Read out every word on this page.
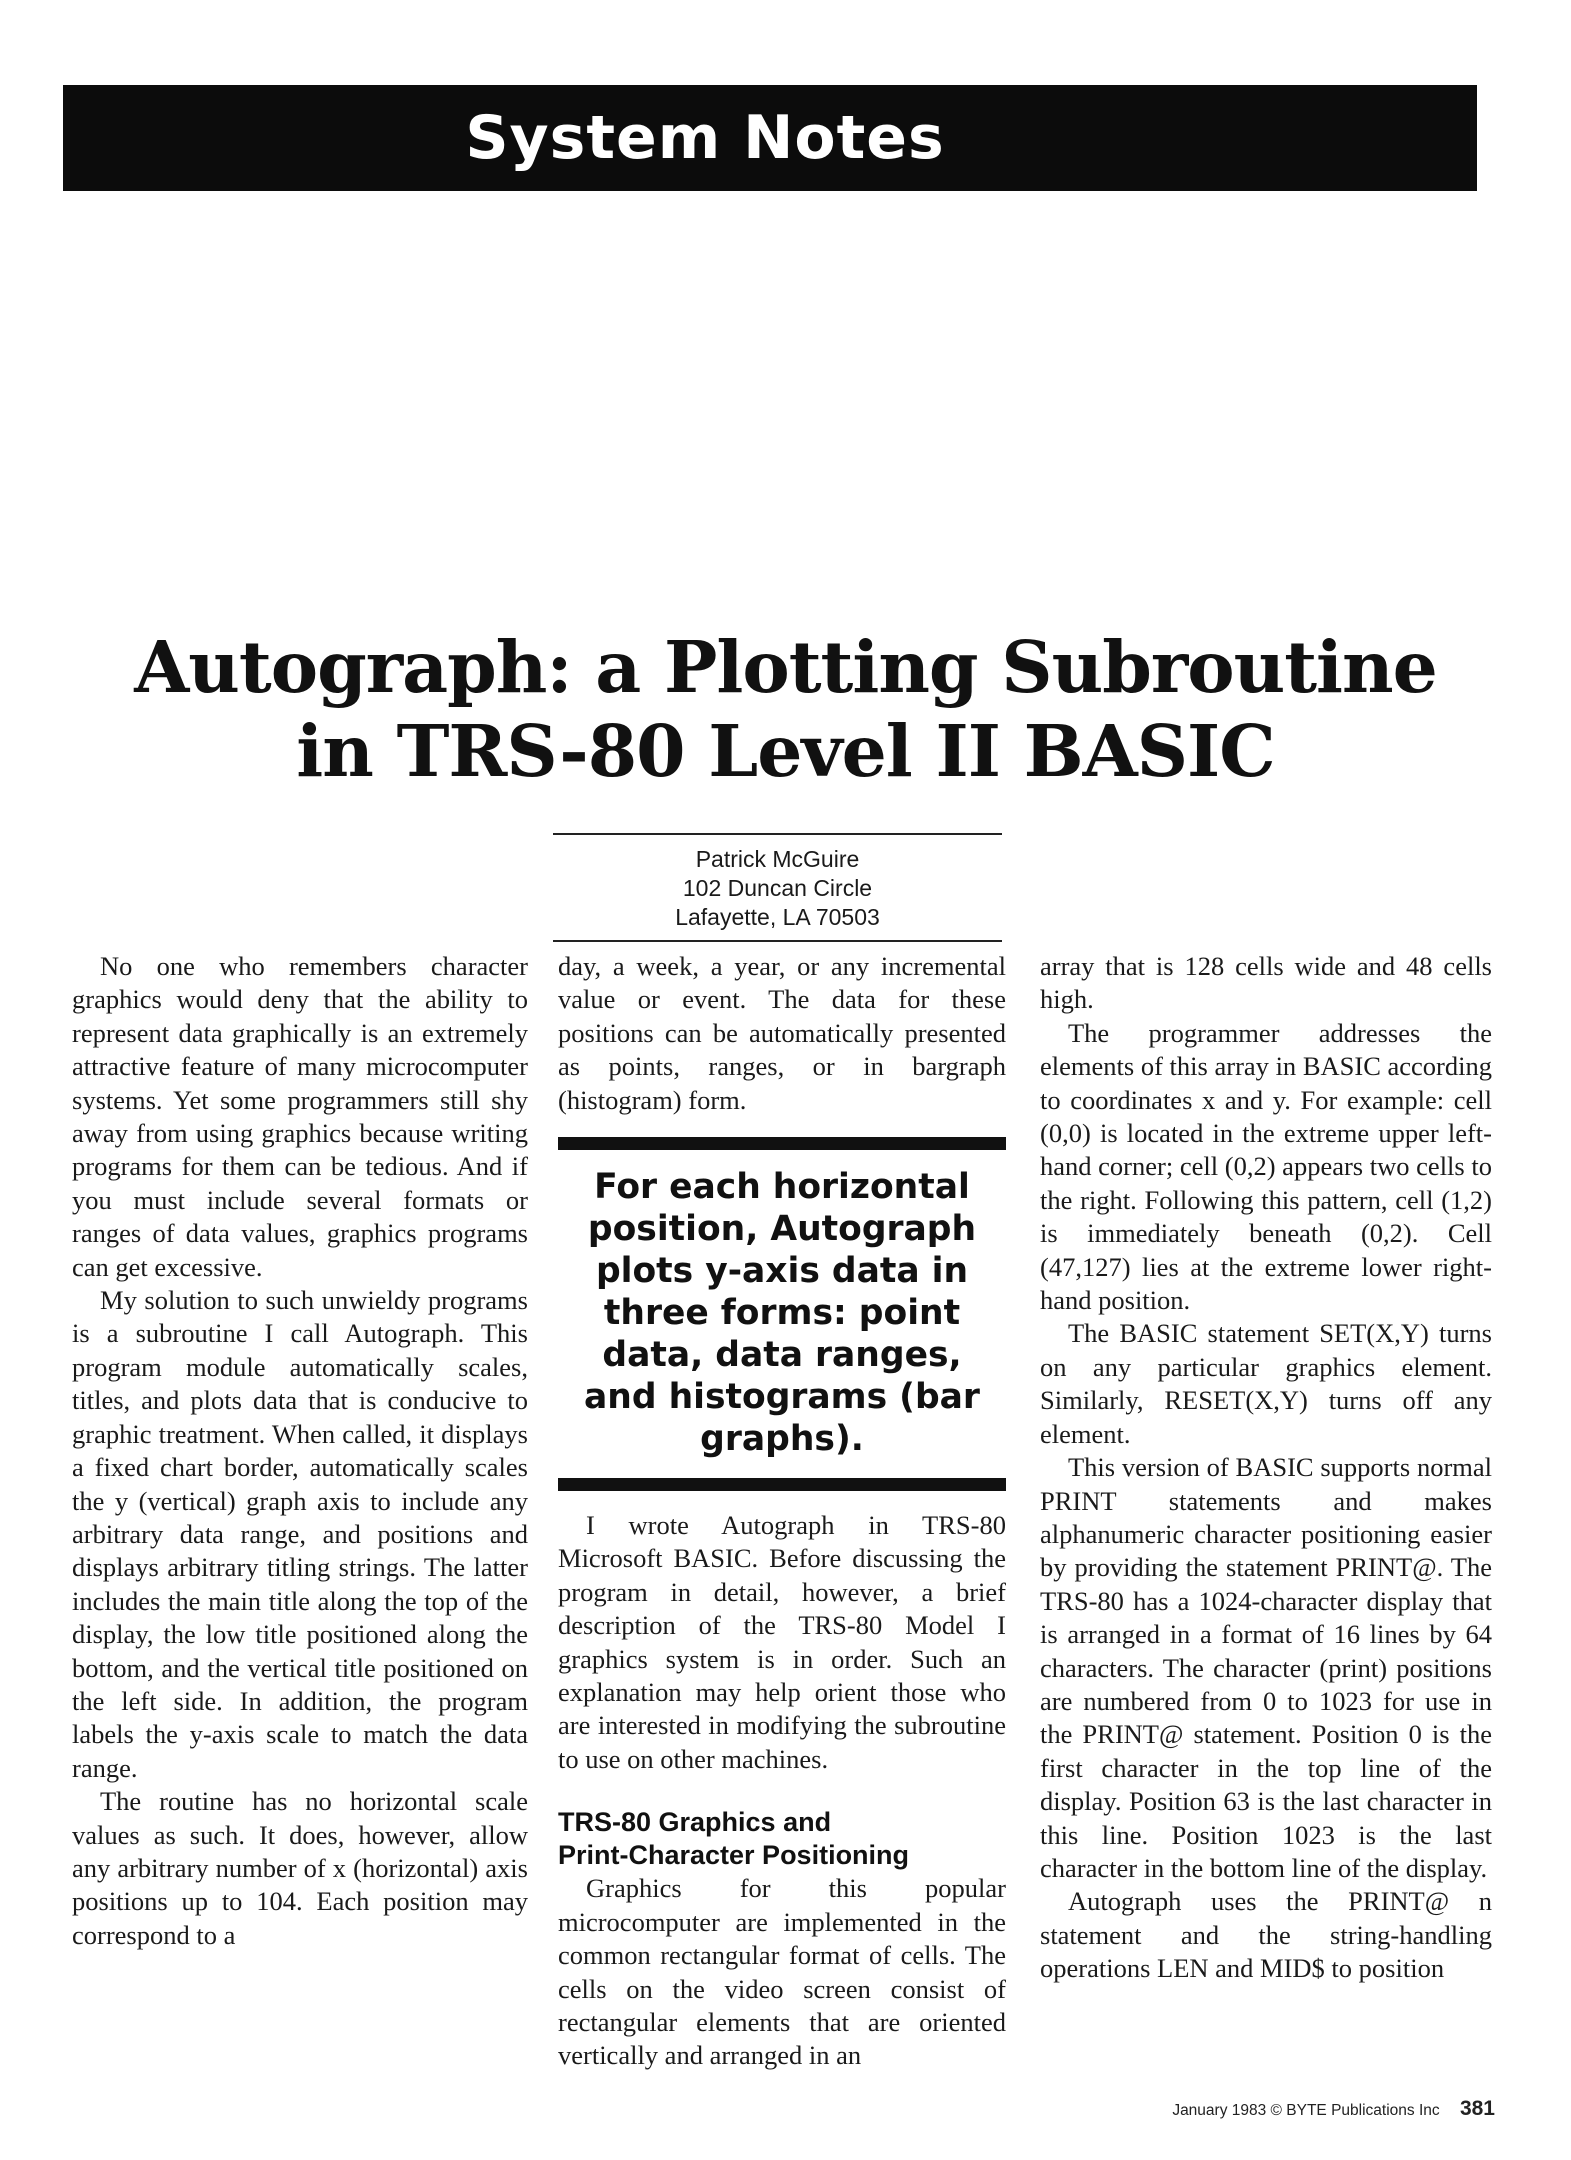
System Notes
Autograph: a Plotting Subroutine
in TRS-80 Level II BASIC
Patrick McGuire
102 Duncan Circle
Lafayette, LA 70503

No one who remembers character graphics would deny that the ability to represent data graphically is an extremely attractive feature of many microcomputer systems. Yet some programmers still shy away from using graphics because writing programs for them can be tedious. And if you must include several formats or ranges of data values, graphics programs can get excessive.

My solution to such unwieldy programs is a subroutine I call Autograph. This program module automatically scales, titles, and plots data that is conducive to graphic treatment. When called, it displays a fixed chart border, automatically scales the y (vertical) graph axis to include any arbitrary data range, and positions and displays arbitrary titling strings. The latter includes the main title along the top of the display, the low title positioned along the bottom, and the vertical title positioned on the left side. In addition, the program labels the y-axis scale to match the data range.

The routine has no horizontal scale values as such. It does, however, allow any arbitrary number of x (horizontal) axis positions up to 104. Each position may correspond to a

day, a week, a year, or any incremental value or event. The data for these positions can be automatically presented as points, ranges, or in bargraph (histogram) form.

For each horizontal position, Autograph plots y-axis data in three forms: point data, data ranges, and histograms (bar graphs).

I wrote Autograph in TRS-80 Microsoft BASIC. Before discussing the program in detail, however, a brief description of the TRS-80 Model I graphics system is in order. Such an explanation may help orient those who are interested in modifying the subroutine to use on other machines.

TRS-80 Graphics and
Print-Character Positioning

Graphics for this popular microcomputer are implemented in the common rectangular format of cells. The cells on the video screen consist of rectangular elements that are oriented vertically and arranged in an

array that is 128 cells wide and 48 cells high.

The programmer addresses the elements of this array in BASIC according to coordinates x and y. For example: cell (0,0) is located in the extreme upper left-hand corner; cell (0,2) appears two cells to the right. Following this pattern, cell (1,2) is immediately beneath (0,2). Cell (47,127) lies at the extreme lower right-hand position.

The BASIC statement SET(X,Y) turns on any particular graphics element. Similarly, RESET(X,Y) turns off any element.

This version of BASIC supports normal PRINT statements and makes alphanumeric character positioning easier by providing the statement PRINT@. The TRS-80 has a 1024-character display that is arranged in a format of 16 lines by 64 characters. The character (print) positions are numbered from 0 to 1023 for use in the PRINT@ statement. Position 0 is the first character in the top line of the display. Position 63 is the last character in this line. Position 1023 is the last character in the bottom line of the display.

Autograph uses the PRINT@ n statement and the string-handling operations LEN and MID$ to position

January 1983 © BYTE Publications Inc 381
